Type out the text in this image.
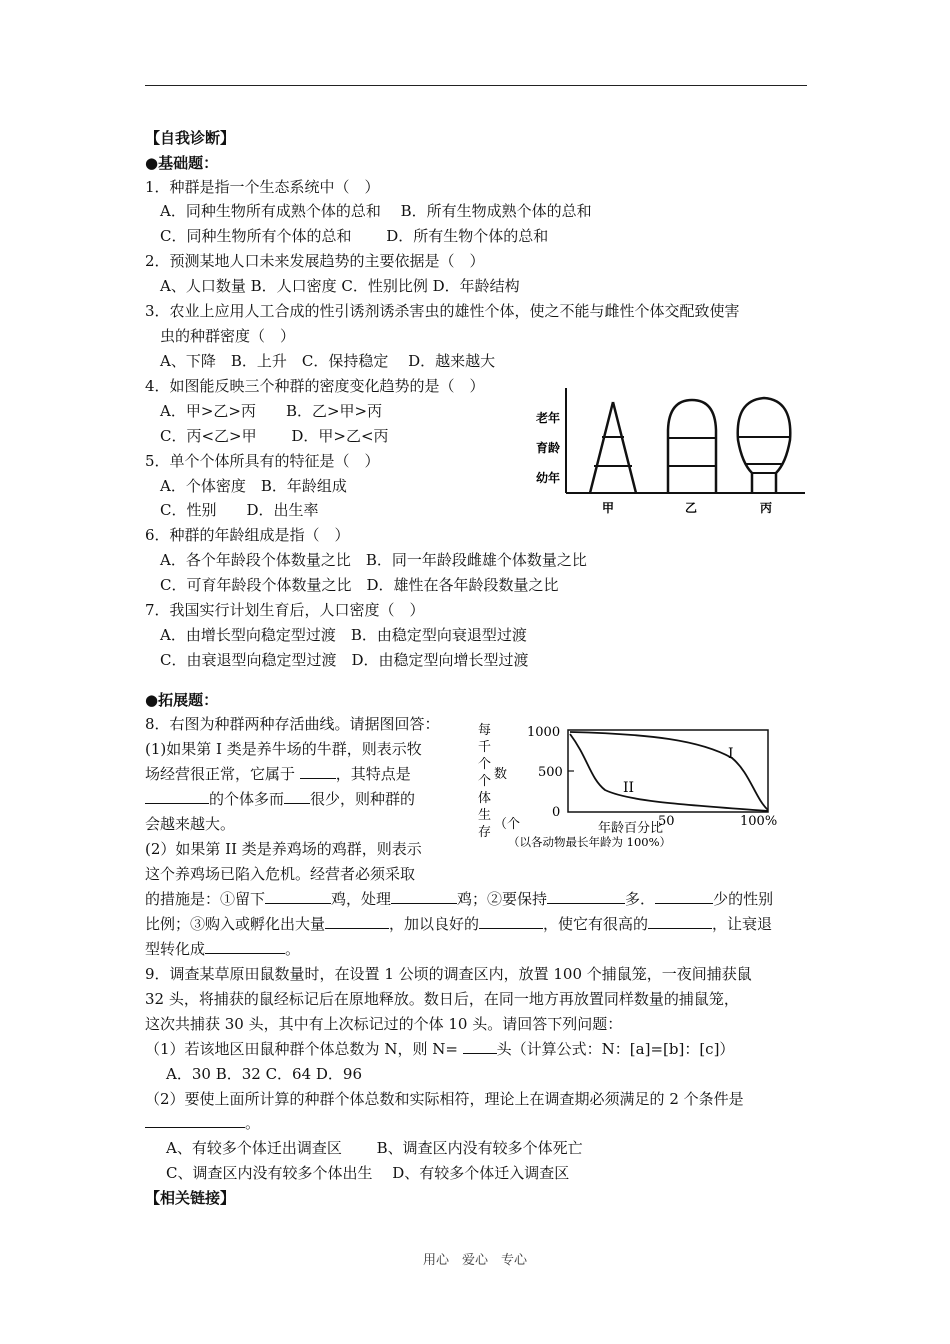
【自我诊断】
●基础题：
1．种群是指一个生态系统中（　）
A．同种生物所有成熟个体的总和　 B．所有生物成熟个体的总和
C．同种生物所有个体的总和　　 D．所有生物个体的总和
2．预测某地人口未来发展趋势的主要依据是（　）
A、人口数量 B．人口密度 C．性别比例 D．年龄结构
3．农业上应用人工合成的性引诱剂诱杀害虫的雄性个体，使之不能与雌性个体交配致使害
虫的种群密度（　）
A、下降　B．上升　C．保持稳定　 D．越来越大
4．如图能反映三个种群的密度变化趋势的是（　）
A．甲>乙>丙　　B．乙>甲>丙
C．丙<乙>甲　　 D．甲>乙<丙
5．单个个体所具有的特征是（　）
A．个体密度　B．年龄组成
C．性别　　D．出生率
6．种群的年龄组成是指（　）
A．各个年龄段个体数量之比　B．同一年龄段雌雄个体数量之比
C．可育年龄段个体数量之比　D．雄性在各年龄段数量之比
7．我国实行计划生育后，人口密度（　）
A．由增长型向稳定型过渡　B．由稳定型向衰退型过渡
C．由衰退型向稳定型过渡　D．由稳定型向增长型过渡
老年
育龄
幼年
甲	乙	丙
●拓展题：
8．右图为种群两种存活曲线。请据图回答：
(1)如果第 I 类是养牛场的牛群，则表示牧
场经营很正常，它属于 ，其特点是
的个体多而 很少，则种群的
会越来越大。
(2）如果第 II 类是养鸡场的鸡群，则表示
这个养鸡场已陷入危机。经营者必须采取
的措施是：①留下	鸡，处理	鸡；②要保持	多．	少的性别
比例；③购入或孵化出大量	，加以良好的	，使它有很高的	，让衰退
型转化成	。
每
千
个
个
体
生
存
数
（个
1000
500
0
I
II
50	100%
年龄百分比
（以各动物最长年龄为 100%）
9．调查某草原田鼠数量时，在设置 1 公顷的调查区内，放置 100 个捕鼠笼，一夜间捕获鼠
32 头，将捕获的鼠经标记后在原地释放。数日后，在同一地方再放置同样数量的捕鼠笼，
这次共捕获 30 头，其中有上次标记过的个体 10 头。请回答下列问题：
（1）若该地区田鼠种群个体总数为 N，则 N= 头（计算公式：N：[a]=[b]：[c]）
A．30 B．32 C．64 D．96
（2）要使上面所计算的种群个体总数和实际相符，理论上在调查期必须满足的 2 个条件是
。
A、有较多个体迁出调查区　　 B、调查区内没有较多个体死亡
C、调查区内没有较多个体出生　 D、有较多个体迁入调查区
【相关链接】
用心　爱心　专心
